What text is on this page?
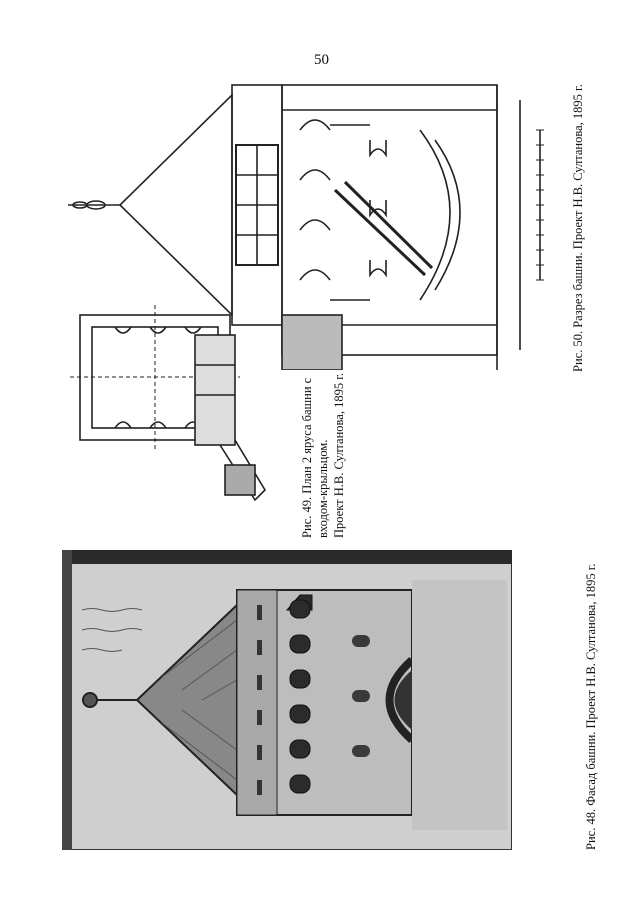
50
Рис. 48. Фасад башни. Проект Н.В. Султанова, 1895 г.
Рис. 49. План 2 яруса башни с входом-крыльцом. Проект Н.В. Султанова, 1895 г.
Рис. 50. Разрез башни. Проект Н.В. Султанова, 1895 г.
